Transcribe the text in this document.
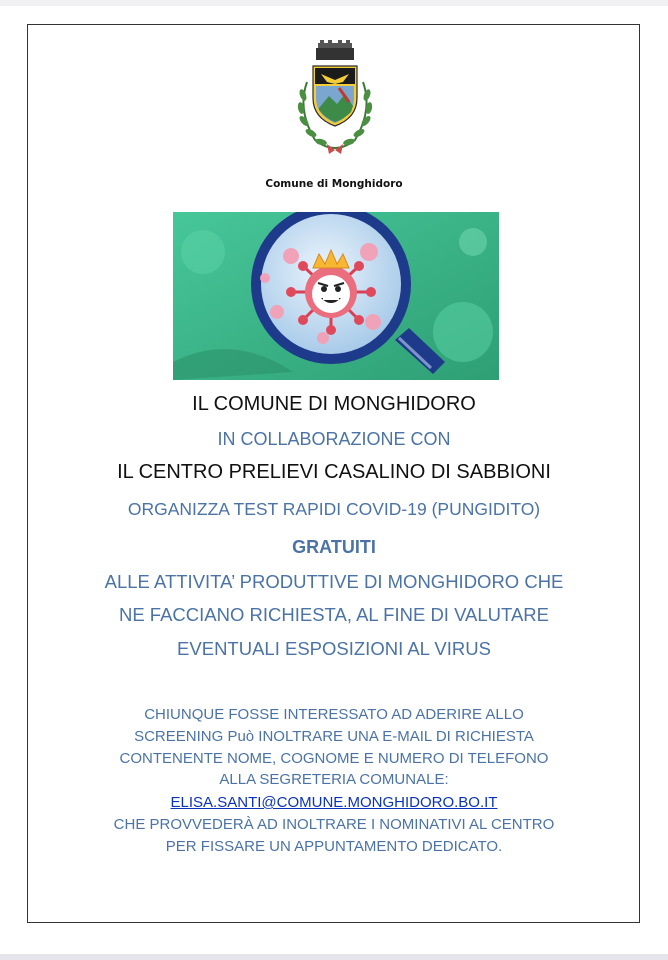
Comune di Monghidoro
IL COMUNE DI MONGHIDORO
IN COLLABORAZIONE CON
IL CENTRO PRELIEVI CASALINO DI SABBIONI
ORGANIZZA TEST RAPIDI COVID-19 (PUNGIDITO)
GRATUITI
ALLE ATTIVITA’ PRODUTTIVE DI MONGHIDORO CHE
NE FACCIANO RICHIESTA, AL FINE DI VALUTARE
EVENTUALI ESPOSIZIONI AL VIRUS
CHIUNQUE FOSSE INTERESSATO AD ADERIRE ALLO
SCREENING Può INOLTRARE UNA E-MAIL DI RICHIESTA
CONTENENTE NOME, COGNOME E NUMERO DI TELEFONO
ALLA SEGRETERIA COMUNALE:
ELISA.SANTI@COMUNE.MONGHIDORO.BO.IT
CHE PROVVEDERÀ AD INOLTRARE I NOMINATIVI AL CENTRO
PER FISSARE UN APPUNTAMENTO DEDICATO.
